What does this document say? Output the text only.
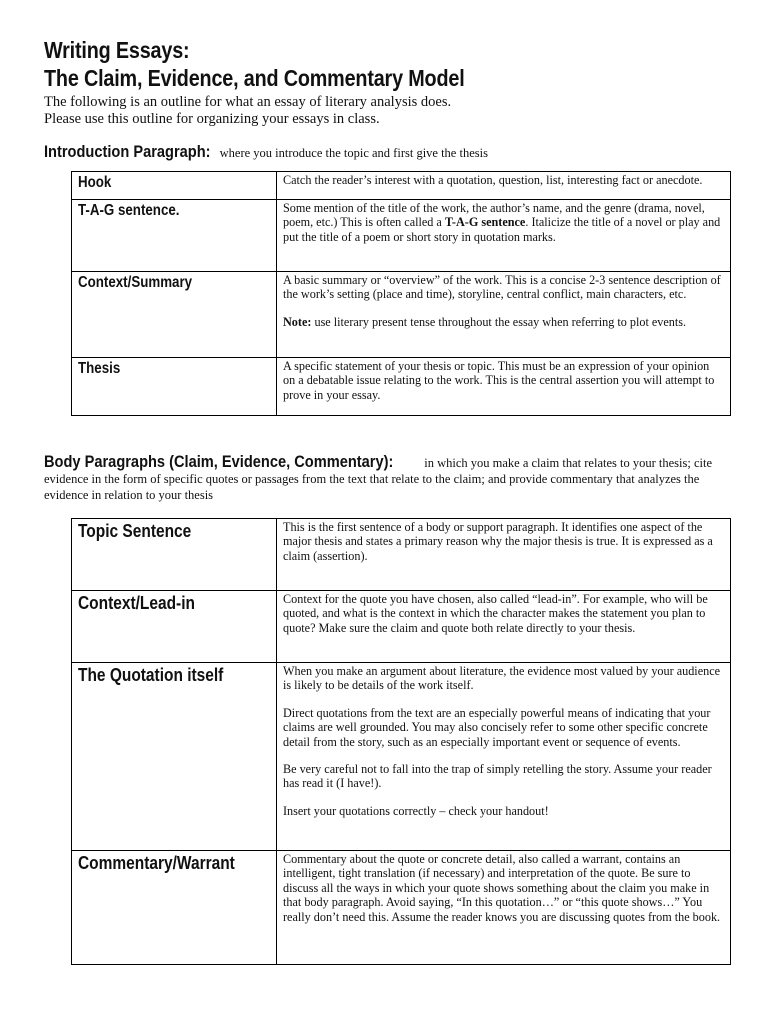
Writing Essays:
The Claim, Evidence, and Commentary Model
The following is an outline for what an essay of literary analysis does.
Please use this outline for organizing your essays in class.
Introduction Paragraph: where you introduce the topic and first give the thesis
Hook	Catch the reader’s interest with a quotation, question, list, interesting fact or anecdote.
T-A-G sentence.	Some mention of the title of the work, the author’s name, and the genre (drama, novel, poem, etc.) This is often called a T-A-G sentence. Italicize the title of a novel or play and put the title of a poem or short story in quotation marks.
Context/Summary	A basic summary or “overview” of the work. This is a concise 2-3 sentence description of the work’s setting (place and time), storyline, central conflict, main characters, etc.

Note: use literary present tense throughout the essay when referring to plot events.

Thesis	A specific statement of your thesis or topic. This must be an expression of your opinion on a debatable issue relating to the work. This is the central assertion you will attempt to prove in your essay.
Body Paragraphs (Claim, Evidence, Commentary): in which you make a claim that relates to your thesis; cite evidence in the form of specific quotes or passages from the text that relate to the claim; and provide commentary that analyzes the evidence in relation to your thesis
Topic Sentence	This is the first sentence of a body or support paragraph. It identifies one aspect of the major thesis and states a primary reason why the major thesis is true. It is expressed as a claim (assertion).
Context/Lead-in	Context for the quote you have chosen, also called “lead-in”. For example, who will be quoted, and what is the context in which the character makes the statement you plan to quote? Make sure the claim and quote both relate directly to your thesis.
The Quotation itself	When you make an argument about literature, the evidence most valued by your audience is likely to be details of the work itself.

Direct quotations from the text are an especially powerful means of indicating that your claims are well grounded. You may also concisely refer to some other specific concrete detail from the story, such as an especially important event or sequence of events.

Be very careful not to fall into the trap of simply retelling the story. Assume your reader has read it (I have!).

Insert your quotations correctly – check your handout!

Commentary/Warrant	Commentary about the quote or concrete detail, also called a warrant, contains an intelligent, tight translation (if necessary) and interpretation of the quote. Be sure to discuss all the ways in which your quote shows something about the claim you make in that body paragraph. Avoid saying, “In this quotation…” or “this quote shows…” You really don’t need this. Assume the reader knows you are discussing quotes from the book.
